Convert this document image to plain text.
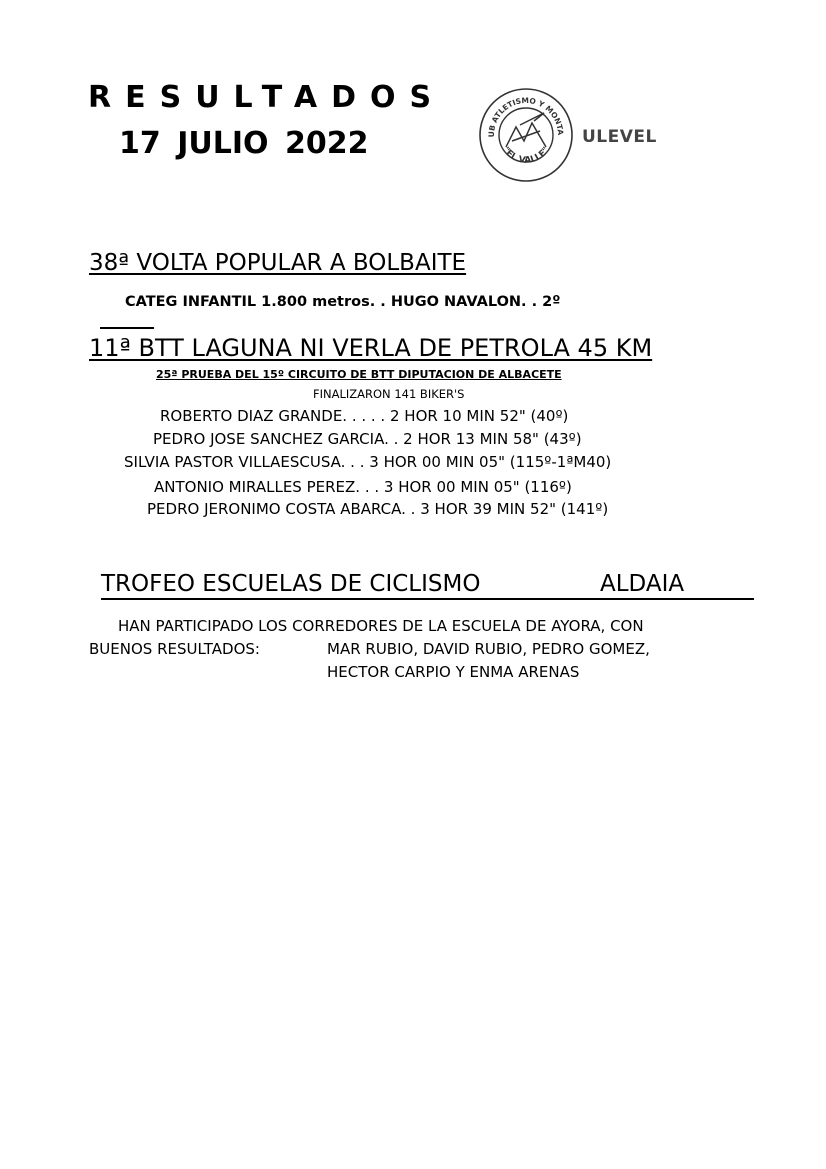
RESULTADOS
17 JULIO 2022	UB ATLETISMO Y MONTA
"EL VALLE"
ULEVEL
38ª VOLTA POPULAR A BOLBAITE
CATEG INFANTIL 1.800 metros. . HUGO NAVALON. . 2º
11ª BTT LAGUNA NI VERLA DE PETROLA 45 KM
25ª PRUEBA DEL 15º CIRCUITO DE BTT DIPUTACION DE ALBACETE
FINALIZARON 141 BIKER'S
ROBERTO DIAZ GRANDE. . . . . 2 HOR 10 MIN 52" (40º)
PEDRO JOSE SANCHEZ GARCIA. . 2 HOR 13 MIN 58" (43º)
SILVIA PASTOR VILLAESCUSA. . . 3 HOR 00 MIN 05" (115º-1ªM40)
ANTONIO MIRALLES PEREZ. . . 3 HOR 00 MIN 05" (116º)
PEDRO JERONIMO COSTA ABARCA. . 3 HOR 39 MIN 52" (141º)
TROFEO ESCUELAS DE CICLISMO	ALDAIA
HAN PARTICIPADO LOS CORREDORES DE LA ESCUELA DE AYORA, CON
BUENOS RESULTADOS:	MAR RUBIO, DAVID RUBIO, PEDRO GOMEZ,
HECTOR CARPIO Y ENMA ARENAS
